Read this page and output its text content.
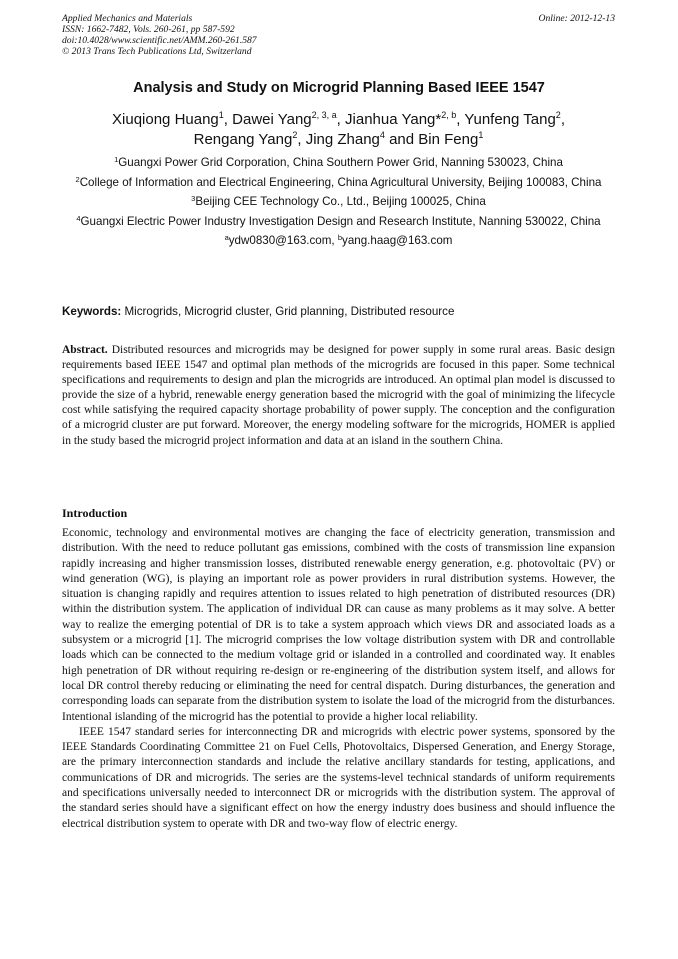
Applied Mechanics and Materials
ISSN: 1662-7482, Vols. 260-261, pp 587-592
doi:10.4028/www.scientific.net/AMM.260-261.587
© 2013 Trans Tech Publications Ltd, Switzerland
Online: 2012-12-13
Analysis and Study on Microgrid Planning Based IEEE 1547
Xiuqiong Huang$^1$, Dawei Yang$^{2, 3, a}$, Jianhua Yang*$^{2, b}$, Yunfeng Tang$^2$,
Rengang Yang$^2$, Jing Zhang$^4$ and Bin Feng$^1$

$^1$Guangxi Power Grid Corporation, China Southern Power Grid, Nanning 530023, China

$^2$College of Information and Electrical Engineering, China Agricultural University, Beijing 100083, China

$^3$Beijing CEE Technology Co., Ltd., Beijing 100025, China

$^4$Guangxi Electric Power Industry Investigation Design and Research Institute, Nanning 530022, China

$^a$ydw0830@163.com, $^b$yang.haag@163.com

Keywords: Microgrids, Microgrid cluster, Grid planning, Distributed resource
Abstract. Distributed resources and microgrids may be designed for power supply in some rural areas. Basic design requirements based IEEE 1547 and optimal plan methods of the microgrids are focused in this paper. Some technical specifications and requirements to design and plan the microgrids are introduced. An optimal plan model is discussed to provide the size of a hybrid, renewable energy generation based the microgrid with the goal of minimizing the lifecycle cost while satisfying the required capacity shortage probability of power supply. The conception and the configuration of a microgrid cluster are put forward. Moreover, the energy modeling software for the microgrids, HOMER is applied in the study based the microgrid project information and data at an island in the southern China.
Introduction

Economic, technology and environmental motives are changing the face of electricity generation, transmission and distribution. With the need to reduce pollutant gas emissions, combined with the costs of transmission line expansion rapidly increasing and higher transmission losses, distributed renewable energy generation, e.g. photovoltaic (PV) or wind generation (WG), is playing an important role as power providers in rural distribution systems. However, the situation is changing rapidly and requires attention to issues related to high penetration of distributed resources (DR) within the distribution system. The application of individual DR can cause as many problems as it may solve. A better way to realize the emerging potential of DR is to take a system approach which views DR and associated loads as a subsystem or a microgrid [1]. The microgrid comprises the low voltage distribution system with DR and controllable loads which can be connected to the medium voltage grid or islanded in a controlled and coordinated way. It enables high penetration of DR without requiring re-design or re-engineering of the distribution system itself, and allows for local DR control thereby reducing or eliminating the need for central dispatch. During disturbances, the generation and corresponding loads can separate from the distribution system to isolate the load of the microgrid from the disturbances. Intentional islanding of the microgrid has the potential to provide a higher local reliability.

IEEE 1547 standard series for interconnecting DR and microgrids with electric power systems, sponsored by the IEEE Standards Coordinating Committee 21 on Fuel Cells, Photovoltaics, Dispersed Generation, and Energy Storage, are the primary interconnection standards and include the relative ancillary standards for testing, applications, and communications of DR and microgrids. The series are the systems-level technical standards of uniform requirements and specifications universally needed to interconnect DR or microgrids with the distribution system. The approval of the standard series should have a significant effect on how the energy industry does business and should influence the electrical distribution system to operate with DR and two-way flow of electric energy.
